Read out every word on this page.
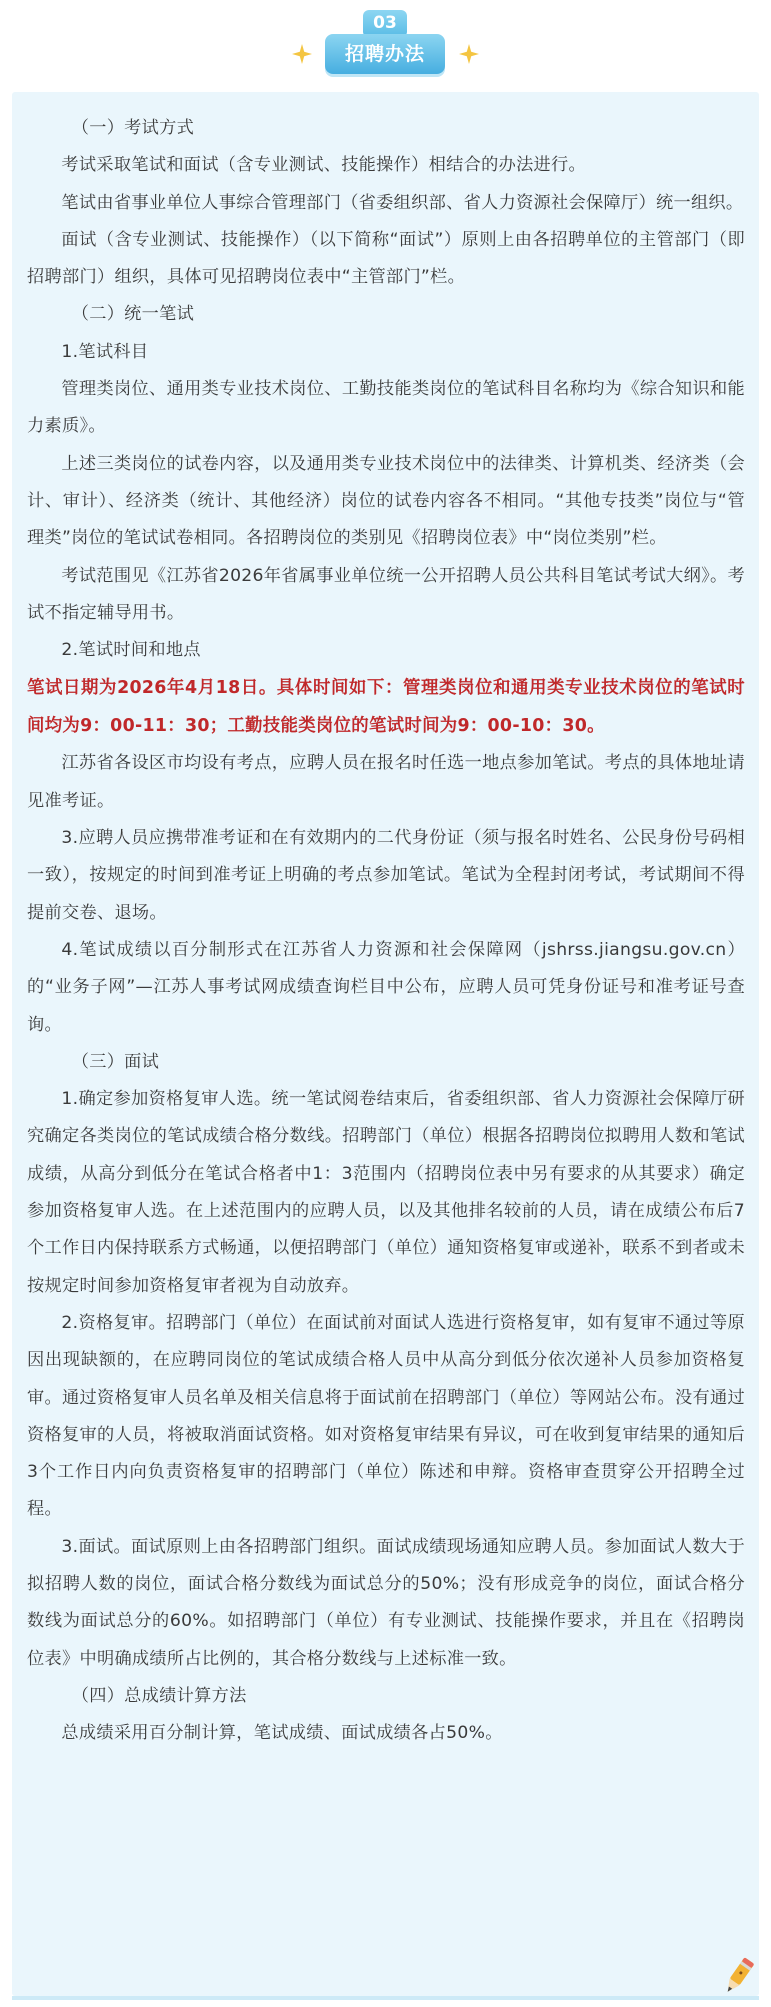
03
招聘办法

（一）考试方式

考试采取笔试和面试（含专业测试、技能操作）相结合的办法进行。

笔试由省事业单位人事综合管理部门（省委组织部、省人力资源社会保障厅）统一组织。

面试（含专业测试、技能操作）（以下简称“面试”）原则上由各招聘单位的主管部门（即招聘部门）组织，具体可见招聘岗位表中“主管部门”栏。

（二）统一笔试

1.笔试科目

管理类岗位、通用类专业技术岗位、工勤技能类岗位的笔试科目名称均为《综合知识和能力素质》。

上述三类岗位的试卷内容，以及通用类专业技术岗位中的法律类、计算机类、经济类（会计、审计）、经济类（统计、其他经济）岗位的试卷内容各不相同。“其他专技类”岗位与“管理类”岗位的笔试试卷相同。各招聘岗位的类别见《招聘岗位表》中“岗位类别”栏。

考试范围见《江苏省2026年省属事业单位统一公开招聘人员公共科目笔试考试大纲》。考试不指定辅导用书。

2.笔试时间和地点

笔试日期为2026年4月18日。具体时间如下：管理类岗位和通用类专业技术岗位的笔试时间均为9：00-11：30；工勤技能类岗位的笔试时间为9：00-10：30。

江苏省各设区市均设有考点，应聘人员在报名时任选一地点参加笔试。考点的具体地址请见准考证。

3.应聘人员应携带准考证和在有效期内的二代身份证（须与报名时姓名、公民身份号码相一致），按规定的时间到准考证上明确的考点参加笔试。笔试为全程封闭考试，考试期间不得提前交卷、退场。

4.笔试成绩以百分制形式在江苏省人力资源和社会保障网（jshrss.jiangsu.gov.cn）的“业务子网”—江苏人事考试网成绩查询栏目中公布，应聘人员可凭身份证号和准考证号查询。

（三）面试

1.确定参加资格复审人选。统一笔试阅卷结束后，省委组织部、省人力资源社会保障厅研究确定各类岗位的笔试成绩合格分数线。招聘部门（单位）根据各招聘岗位拟聘用人数和笔试成绩，从高分到低分在笔试合格者中1：3范围内（招聘岗位表中另有要求的从其要求）确定参加资格复审人选。在上述范围内的应聘人员，以及其他排名较前的人员，请在成绩公布后7个工作日内保持联系方式畅通，以便招聘部门（单位）通知资格复审或递补，联系不到者或未按规定时间参加资格复审者视为自动放弃。

2.资格复审。招聘部门（单位）在面试前对面试人选进行资格复审，如有复审不通过等原因出现缺额的，在应聘同岗位的笔试成绩合格人员中从高分到低分依次递补人员参加资格复审。通过资格复审人员名单及相关信息将于面试前在招聘部门（单位）等网站公布。没有通过资格复审的人员，将被取消面试资格。如对资格复审结果有异议，可在收到复审结果的通知后3个工作日内向负责资格复审的招聘部门（单位）陈述和申辩。资格审查贯穿公开招聘全过程。

3.面试。面试原则上由各招聘部门组织。面试成绩现场通知应聘人员。参加面试人数大于拟招聘人数的岗位，面试合格分数线为面试总分的50%；没有形成竞争的岗位，面试合格分数线为面试总分的60%。如招聘部门（单位）有专业测试、技能操作要求，并且在《招聘岗位表》中明确成绩所占比例的，其合格分数线与上述标准一致。

（四）总成绩计算方法

总成绩采用百分制计算，笔试成绩、面试成绩各占50%。
